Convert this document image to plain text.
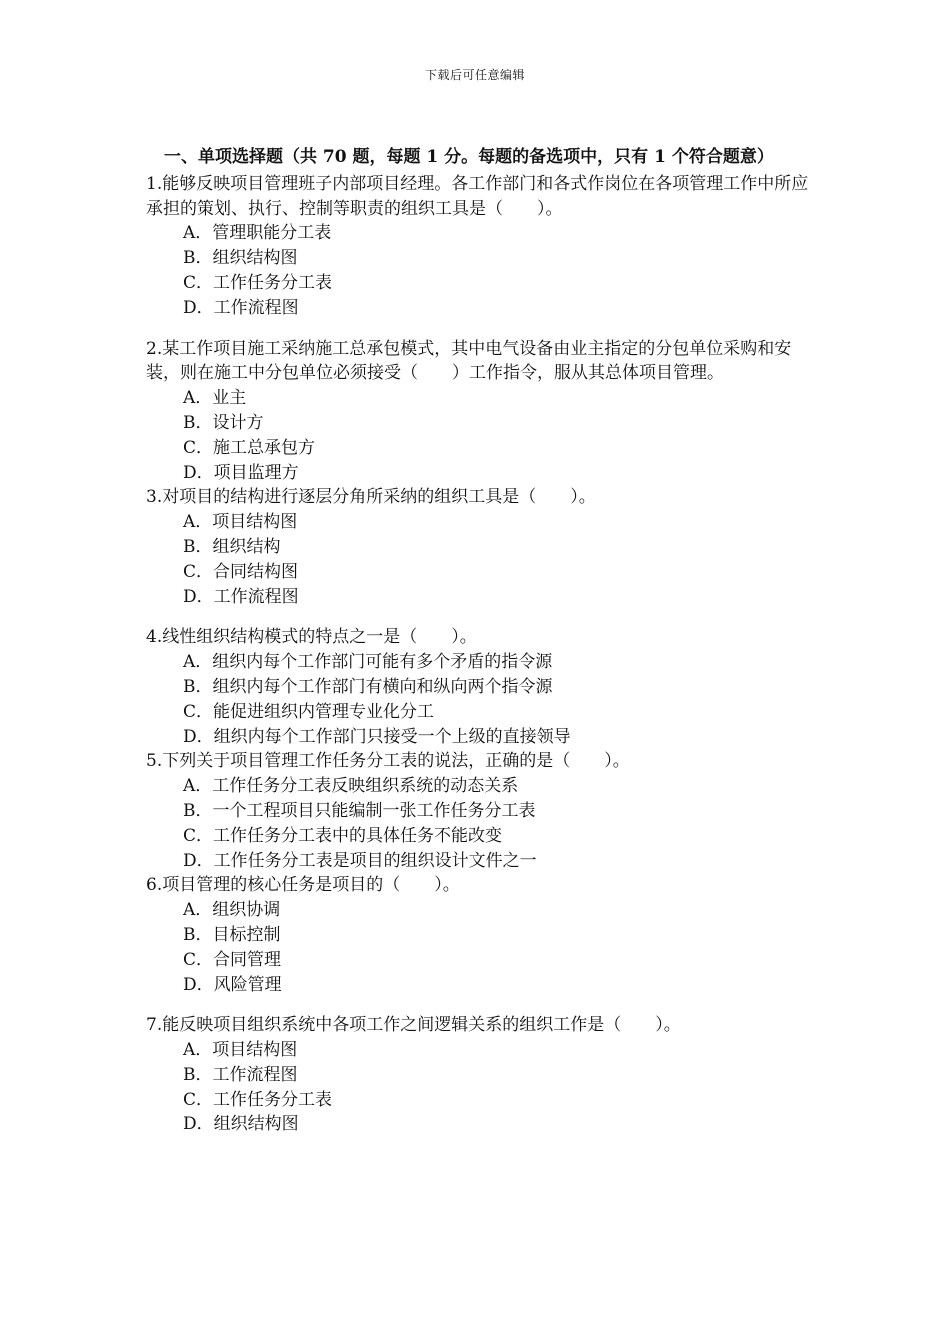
下载后可任意编辑

一、单项选择题（共 70 题，每题 1 分。每题的备选项中，只有 1 个符合题意）

1.能够反映项目管理班子内部项目经理。各工作部门和各式作岗位在各项管理工作中所应承担的策划、执行、控制等职责的组织工具是（　　）。

A．管理职能分工表

B．组织结构图

C．工作任务分工表

D．工作流程图

2.某工作项目施工采纳施工总承包模式，其中电气设备由业主指定的分包单位采购和安装，则在施工中分包单位必须接受（　　）工作指令，服从其总体项目管理。

A．业主

B．设计方

C．施工总承包方

D．项目监理方

3.对项目的结构进行逐层分角所采纳的组织工具是（　　）。

A．项目结构图

B．组织结构

C．合同结构图

D．工作流程图

4.线性组织结构模式的特点之一是（　　）。

A．组织内每个工作部门可能有多个矛盾的指令源

B．组织内每个工作部门有横向和纵向两个指令源

C．能促进组织内管理专业化分工

D．组织内每个工作部门只接受一个上级的直接领导

5.下列关于项目管理工作任务分工表的说法，正确的是（　　）。

A．工作任务分工表反映组织系统的动态关系

B．一个工程项目只能编制一张工作任务分工表

C．工作任务分工表中的具体任务不能改变

D．工作任务分工表是项目的组织设计文件之一

6.项目管理的核心任务是项目的（　　）。

A．组织协调

B．目标控制

C．合同管理

D．风险管理

7.能反映项目组织系统中各项工作之间逻辑关系的组织工作是（　　）。

A．项目结构图

B．工作流程图

C．工作任务分工表

D．组织结构图
